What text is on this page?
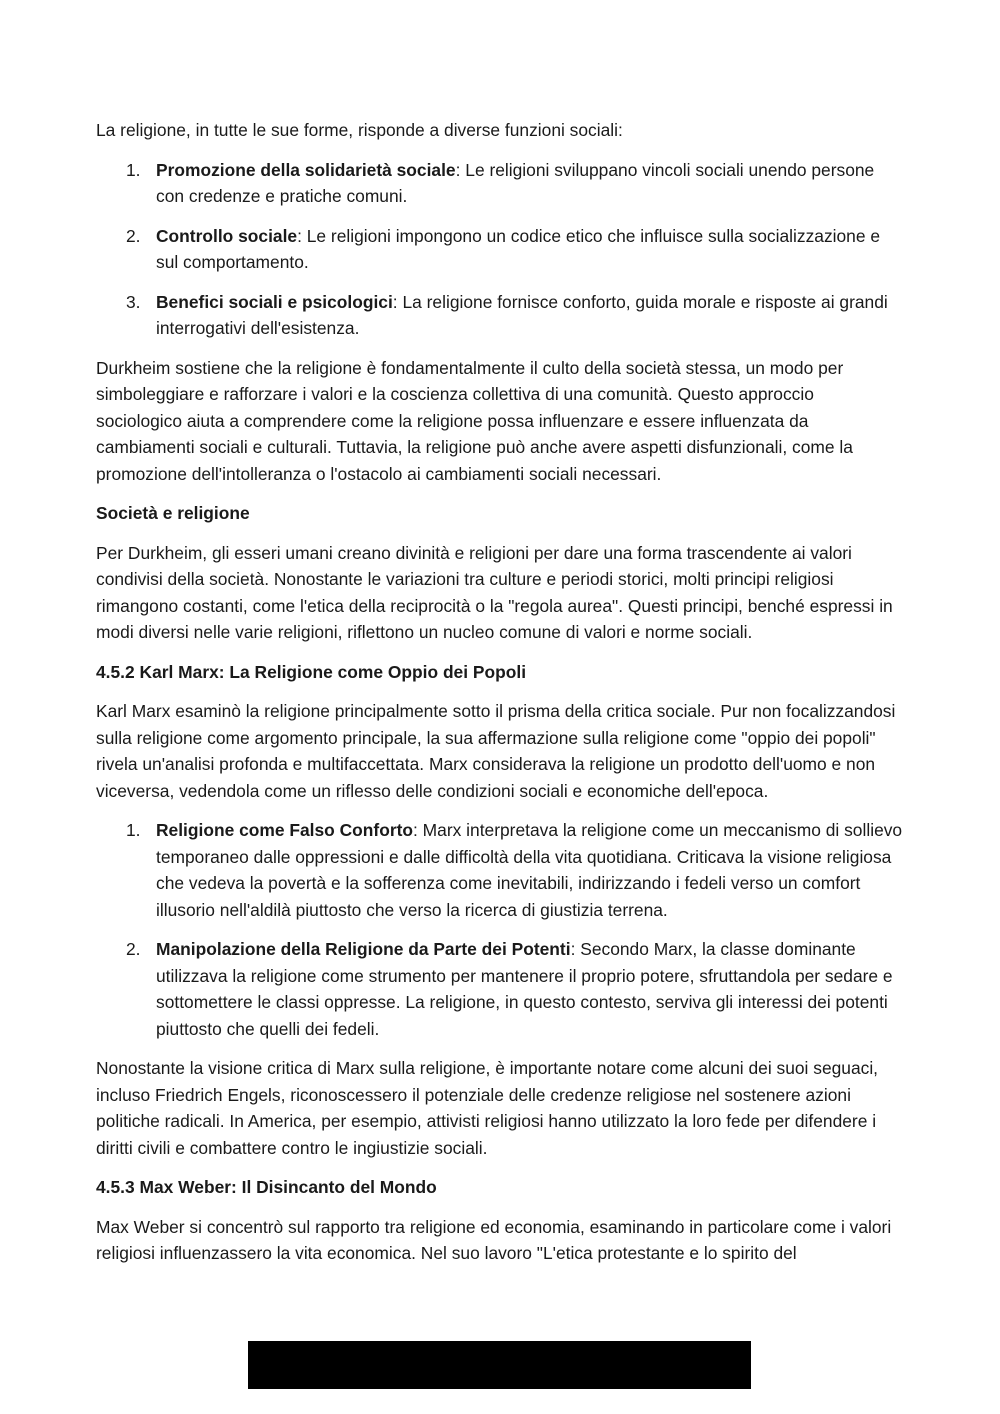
La religione, in tutte le sue forme, risponde a diverse funzioni sociali:

1. Promozione della solidarietà sociale: Le religioni sviluppano vincoli sociali unendo persone con credenze e pratiche comuni.
2. Controllo sociale: Le religioni impongono un codice etico che influisce sulla socializzazione e sul comportamento.
3. Benefici sociali e psicologici: La religione fornisce conforto, guida morale e risposte ai grandi interrogativi dell'esistenza.

Durkheim sostiene che la religione è fondamentalmente il culto della società stessa, un modo per simboleggiare e rafforzare i valori e la coscienza collettiva di una comunità. Questo approccio sociologico aiuta a comprendere come la religione possa influenzare e essere influenzata da cambiamenti sociali e culturali. Tuttavia, la religione può anche avere aspetti disfunzionali, come la promozione dell'intolleranza o l'ostacolo ai cambiamenti sociali necessari.

Società e religione

Per Durkheim, gli esseri umani creano divinità e religioni per dare una forma trascendente ai valori condivisi della società. Nonostante le variazioni tra culture e periodi storici, molti principi religiosi rimangono costanti, come l'etica della reciprocità o la "regola aurea". Questi principi, benché espressi in modi diversi nelle varie religioni, riflettono un nucleo comune di valori e norme sociali.

4.5.2 Karl Marx: La Religione come Oppio dei Popoli

Karl Marx esaminò la religione principalmente sotto il prisma della critica sociale. Pur non focalizzandosi sulla religione come argomento principale, la sua affermazione sulla religione come "oppio dei popoli" rivela un'analisi profonda e multifaccettata. Marx considerava la religione un prodotto dell'uomo e non viceversa, vedendola come un riflesso delle condizioni sociali e economiche dell'epoca.

1. Religione come Falso Conforto: Marx interpretava la religione come un meccanismo di sollievo temporaneo dalle oppressioni e dalle difficoltà della vita quotidiana. Criticava la visione religiosa che vedeva la povertà e la sofferenza come inevitabili, indirizzando i fedeli verso un comfort illusorio nell'aldilà piuttosto che verso la ricerca di giustizia terrena.
2. Manipolazione della Religione da Parte dei Potenti: Secondo Marx, la classe dominante utilizzava la religione come strumento per mantenere il proprio potere, sfruttandola per sedare e sottomettere le classi oppresse. La religione, in questo contesto, serviva gli interessi dei potenti piuttosto che quelli dei fedeli.

Nonostante la visione critica di Marx sulla religione, è importante notare come alcuni dei suoi seguaci, incluso Friedrich Engels, riconoscessero il potenziale delle credenze religiose nel sostenere azioni politiche radicali. In America, per esempio, attivisti religiosi hanno utilizzato la loro fede per difendere i diritti civili e combattere contro le ingiustizie sociali.

4.5.3 Max Weber: Il Disincanto del Mondo

Max Weber si concentrò sul rapporto tra religione ed economia, esaminando in particolare come i valori religiosi influenzassero la vita economica. Nel suo lavoro "L'etica protestante e lo spirito del
